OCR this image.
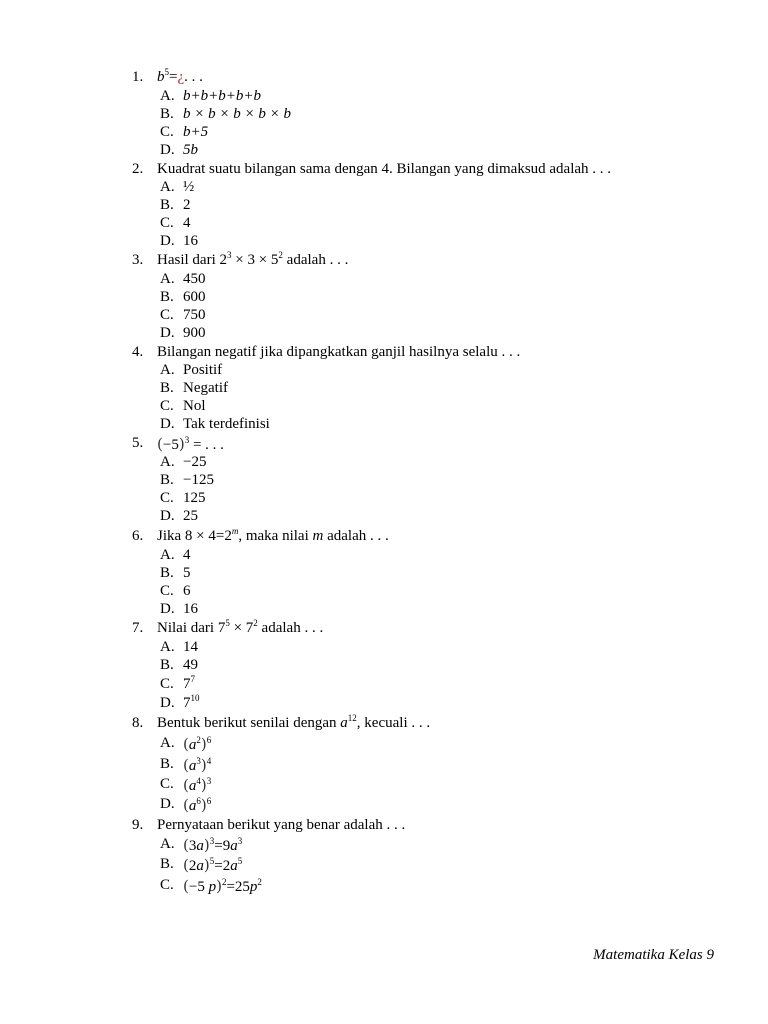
1. $b^5=¿$. . .
A. b+b+b+b+b
B. b × b × b × b × b
C. b+5
D. 5b
2. Kuadrat suatu bilangan sama dengan 4. Bilangan yang dimaksud adalah . . .
A. ½
B. 2
C. 4
D. 16
3. Hasil dari $2^3 \times 3 \times 5^2$ adalah . . .
A. 450
B. 600
C. 750
D. 900
4. Bilangan negatif jika dipangkatkan ganjil hasilnya selalu . . .
A. Positif
B. Negatif
C. Nol
D. Tak terdefinisi
5. $(-5)^3$ = . . .
A. −25
B. −125
C. 125
D. 25
6. Jika $8 \times 4=2^m$, maka nilai m adalah . . .
A. 4
B. 5
C. 6
D. 16
7. Nilai dari $7^5 \times 7^2$ adalah . . .
A. 14
B. 49
C. $7^7$
D. $7^{10}$
8. Bentuk berikut senilai dengan $a^{12}$, kecuali . . .
A. $(a^2)^6$
B. $(a^3)^4$
C. $(a^4)^3$
D. $(a^6)^6$
9. Pernyataan berikut yang benar adalah . . .
A. $(3a)^3=9a^3$
B. $(2a)^5=2a^5$
C. (−5 $p)^2=25p^2$
Matematika Kelas 9
